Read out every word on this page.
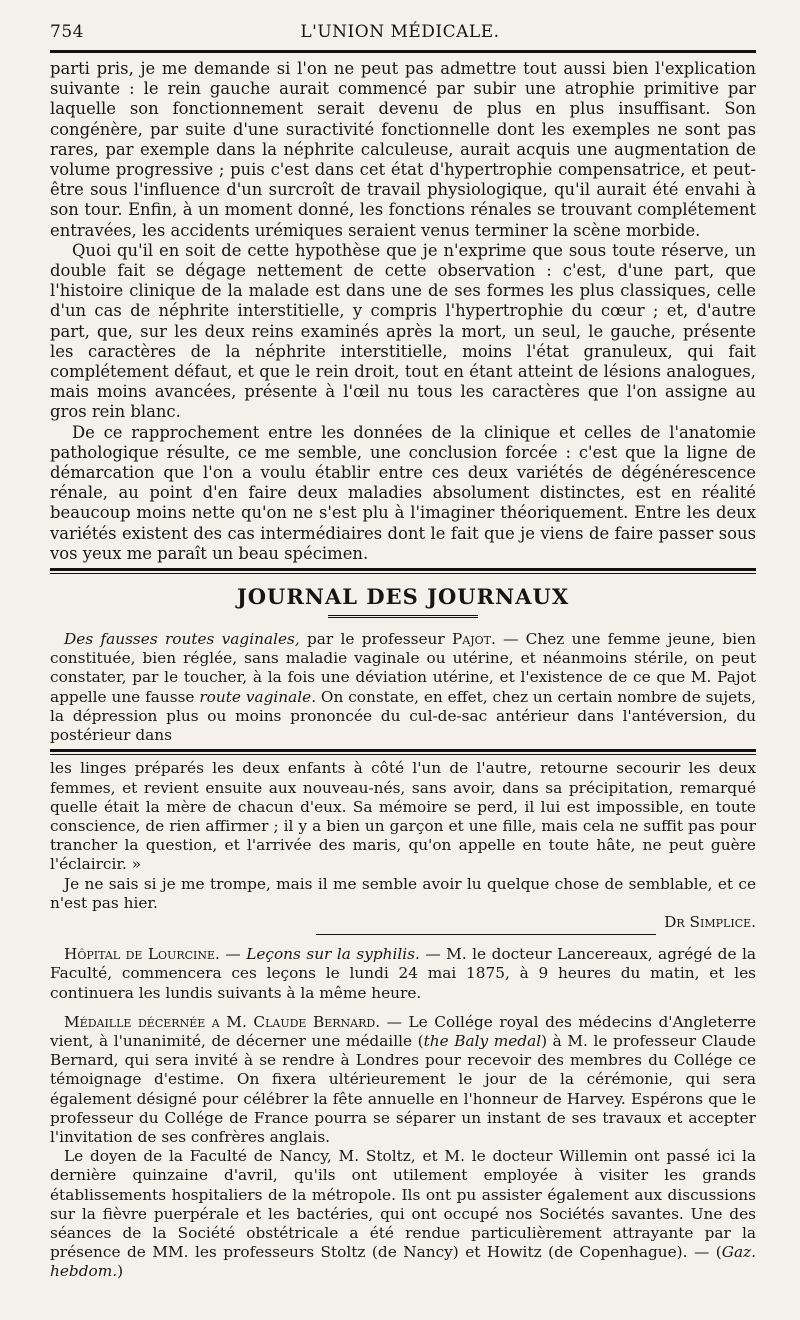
754	L'UNION MÉDICALE.

parti pris, je me demande si l'on ne peut pas admettre tout aussi bien l'explication suivante : le rein gauche aurait commencé par subir une atrophie primitive par laquelle son fonctionnement serait devenu de plus en plus insuffisant. Son congénère, par suite d'une suractivité fonctionnelle dont les exemples ne sont pas rares, par exemple dans la néphrite calculeuse, aurait acquis une augmentation de volume progressive ; puis c'est dans cet état d'hypertrophie compensatrice, et peut-être sous l'influence d'un surcroît de travail physiologique, qu'il aurait été envahi à son tour. Enfin, à un moment donné, les fonctions rénales se trouvant complétement entravées, les accidents urémiques seraient venus terminer la scène morbide.

Quoi qu'il en soit de cette hypothèse que je n'exprime que sous toute réserve, un double fait se dégage nettement de cette observation : c'est, d'une part, que l'histoire clinique de la malade est dans une de ses formes les plus classiques, celle d'un cas de néphrite interstitielle, y compris l'hypertrophie du cœur ; et, d'autre part, que, sur les deux reins examinés après la mort, un seul, le gauche, présente les caractères de la néphrite interstitielle, moins l'état granuleux, qui fait complétement défaut, et que le rein droit, tout en étant atteint de lésions analogues, mais moins avancées, présente à l'œil nu tous les caractères que l'on assigne au gros rein blanc.

De ce rapprochement entre les données de la clinique et celles de l'anatomie pathologique résulte, ce me semble, une conclusion forcée : c'est que la ligne de démarcation que l'on a voulu établir entre ces deux variétés de dégénérescence rénale, au point d'en faire deux maladies absolument distinctes, est en réalité beaucoup moins nette qu'on ne s'est plu à l'imaginer théoriquement. Entre les deux variétés existent des cas intermédiaires dont le fait que je viens de faire passer sous vos yeux me paraît un beau spécimen.

JOURNAL DES JOURNAUX

Des fausses routes vaginales, par le professeur Pajot. — Chez une femme jeune, bien constituée, bien réglée, sans maladie vaginale ou utérine, et néanmoins stérile, on peut constater, par le toucher, à la fois une déviation utérine, et l'existence de ce que M. Pajot appelle une fausse route vaginale. On constate, en effet, chez un certain nombre de sujets, la dépression plus ou moins prononcée du cul-de-sac antérieur dans l'antéversion, du postérieur dans

les linges préparés les deux enfants à côté l'un de l'autre, retourne secourir les deux femmes, et revient ensuite aux nouveau-nés, sans avoir, dans sa précipitation, remarqué quelle était la mère de chacun d'eux. Sa mémoire se perd, il lui est impossible, en toute conscience, de rien affirmer ; il y a bien un garçon et une fille, mais cela ne suffit pas pour trancher la question, et l'arrivée des maris, qu'on appelle en toute hâte, ne peut guère l'éclaircir. »

Je ne sais si je me trompe, mais il me semble avoir lu quelque chose de semblable, et ce n'est pas hier.

Dr Simplice.

Hôpital de Lourcine. — Leçons sur la syphilis. — M. le docteur Lancereaux, agrégé de la Faculté, commencera ces leçons le lundi 24 mai 1875, à 9 heures du matin, et les continuera les lundis suivants à la même heure.

Médaille décernée a M. Claude Bernard. — Le Collége royal des médecins d'Angleterre vient, à l'unanimité, de décerner une médaille (the Baly medal) à M. le professeur Claude Bernard, qui sera invité à se rendre à Londres pour recevoir des membres du Collége ce témoignage d'estime. On fixera ultérieurement le jour de la cérémonie, qui sera également désigné pour célébrer la fête annuelle en l'honneur de Harvey. Espérons que le professeur du Collége de France pourra se séparer un instant de ses travaux et accepter l'invitation de ses confrères anglais.

Le doyen de la Faculté de Nancy, M. Stoltz, et M. le docteur Willemin ont passé ici la dernière quinzaine d'avril, qu'ils ont utilement employée à visiter les grands établissements hospitaliers de la métropole. Ils ont pu assister également aux discussions sur la fièvre puerpérale et les bactéries, qui ont occupé nos Sociétés savantes. Une des séances de la Société obstétricale a été rendue particulièrement attrayante par la présence de MM. les professeurs Stoltz (de Nancy) et Howitz (de Copenhague). — (Gaz. hebdom.)
